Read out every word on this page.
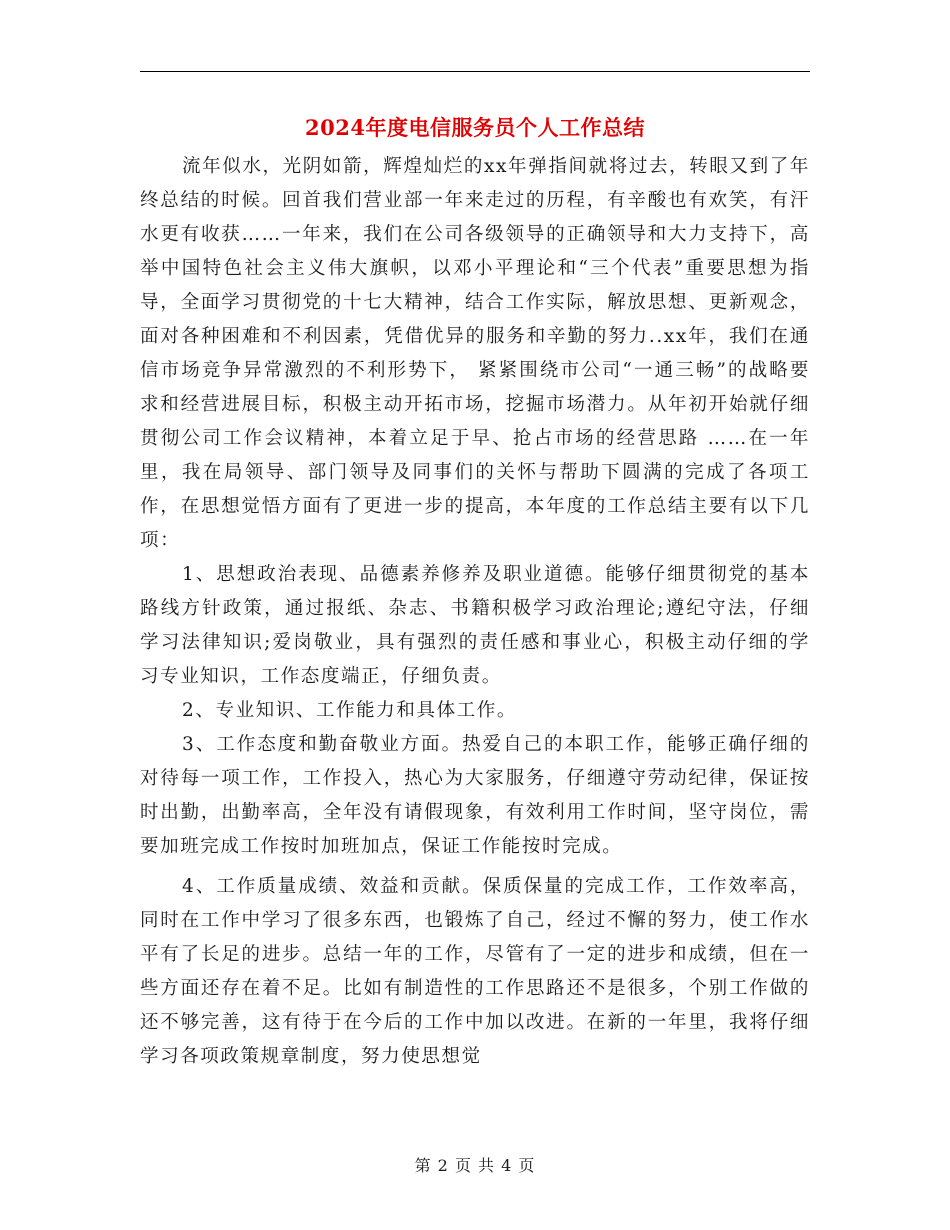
2024年度电信服务员个人工作总结

流年似水，光阴如箭，辉煌灿烂的xx年弹指间就将过去，转眼又到了年终总结的时候。回首我们营业部一年来走过的历程，有辛酸也有欢笑，有汗水更有收获……一年来，我们在公司各级领导的正确领导和大力支持下，高举中国特色社会主义伟大旗帜，以邓小平理论和“三个代表”重要思想为指导，全面学习贯彻党的十七大精神，结合工作实际，解放思想、更新观念，面对各种困难和不利因素，凭借优异的服务和辛勤的努力..xx年，我们在通信市场竞争异常激烈的不利形势下， 紧紧围绕市公司“一通三畅”的战略要求和经营进展目标，积极主动开拓市场，挖掘市场潜力。从年初开始就仔细贯彻公司工作会议精神，本着立足于早、抢占市场的经营思路 ……在一年里，我在局领导、部门领导及同事们的关怀与帮助下圆满的完成了各项工作，在思想觉悟方面有了更进一步的提高，本年度的工作总结主要有以下几项：

1、思想政治表现、品德素养修养及职业道德。能够仔细贯彻党的基本路线方针政策，通过报纸、杂志、书籍积极学习政治理论;遵纪守法，仔细学习法律知识;爱岗敬业，具有强烈的责任感和事业心，积极主动仔细的学习专业知识，工作态度端正，仔细负责。

2、专业知识、工作能力和具体工作。

3、工作态度和勤奋敬业方面。热爱自己的本职工作，能够正确仔细的对待每一项工作，工作投入，热心为大家服务，仔细遵守劳动纪律，保证按时出勤，出勤率高，全年没有请假现象，有效利用工作时间，坚守岗位，需要加班完成工作按时加班加点，保证工作能按时完成。

4、工作质量成绩、效益和贡献。保质保量的完成工作，工作效率高，同时在工作中学习了很多东西，也锻炼了自己，经过不懈的努力，使工作水平有了长足的进步。总结一年的工作，尽管有了一定的进步和成绩，但在一些方面还存在着不足。比如有制造性的工作思路还不是很多，个别工作做的还不够完善，这有待于在今后的工作中加以改进。在新的一年里，我将仔细学习各项政策规章制度，努力使思想觉

第 2 页 共 4 页
